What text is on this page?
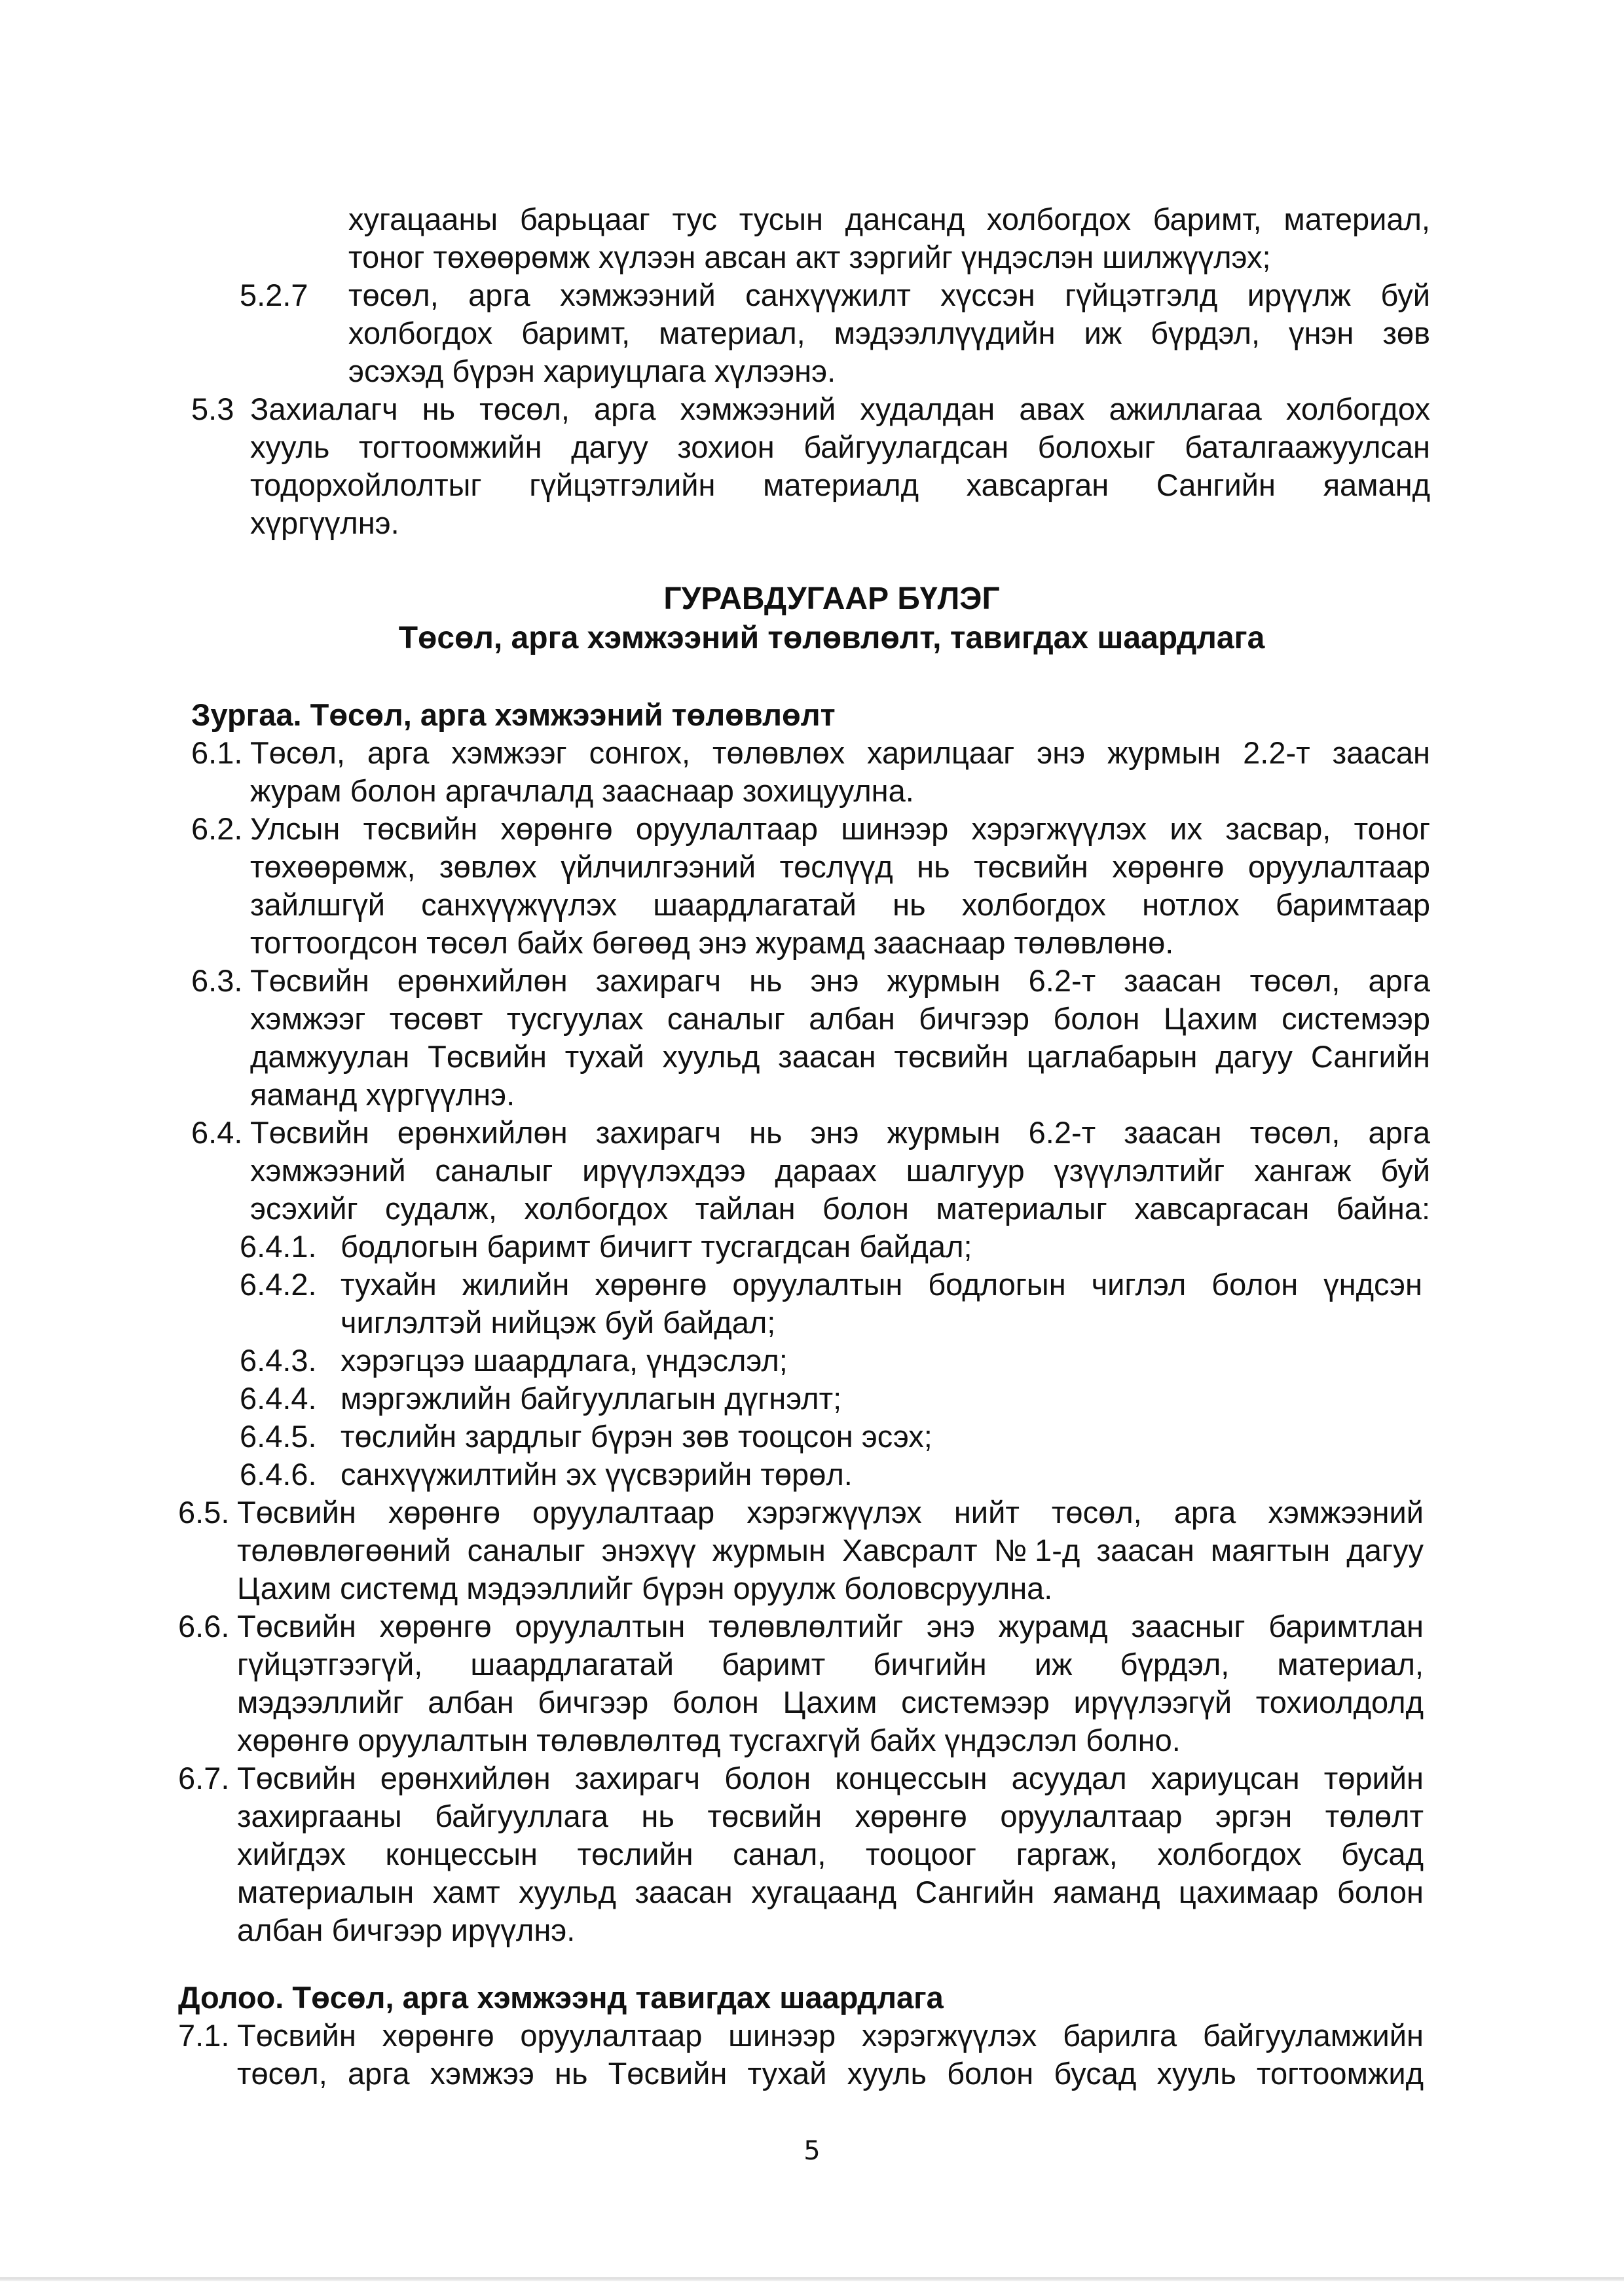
хугацааны барьцааг тус тусын дансанд холбогдох баримт, материал,
тоног төхөөрөмж хүлээн авсан акт зэргийг үндэслэн шилжүүлэх;
5.2.7 төсөл, арга хэмжээний санхүүжилт хүссэн гүйцэтгэлд ирүүлж буй
холбогдох баримт, материал, мэдээллүүдийн иж бүрдэл, үнэн зөв
эсэхэд бүрэн хариуцлага хүлээнэ.
5.3 Захиалагч нь төсөл, арга хэмжээний худалдан авах ажиллагаа холбогдох
хууль тогтоомжийн дагуу зохион байгуулагдсан болохыг баталгаажуулсан
тодорхойлолтыг гүйцэтгэлийн материалд хавсарган Сангийн яаманд
хүргүүлнэ.
ГУРАВДУГААР БҮЛЭГ
Төсөл, арга хэмжээний төлөвлөлт, тавигдах шаардлага
Зургаа. Төсөл, арга хэмжээний төлөвлөлт
6.1. Төсөл, арга хэмжээг сонгох, төлөвлөх харилцааг энэ журмын 2.2-т заасан
журам болон аргачлалд зааснаар зохицуулна.
6.2. Улсын төсвийн хөрөнгө оруулалтаар шинээр хэрэгжүүлэх их засвар, тоног
төхөөрөмж, зөвлөх үйлчилгээний төслүүд нь төсвийн хөрөнгө оруулалтаар
зайлшгүй санхүүжүүлэх шаардлагатай нь холбогдох нотлох баримтаар
тогтоогдсон төсөл байх бөгөөд энэ журамд зааснаар төлөвлөнө.
6.3. Төсвийн ерөнхийлөн захирагч нь энэ журмын 6.2-т заасан төсөл, арга
хэмжээг төсөвт тусгуулах саналыг албан бичгээр болон Цахим системээр
дамжуулан Төсвийн тухай хуульд заасан төсвийн цаглабарын дагуу Сангийн
яаманд хүргүүлнэ.
6.4. Төсвийн ерөнхийлөн захирагч нь энэ журмын 6.2-т заасан төсөл, арга
хэмжээний саналыг ирүүлэхдээ дараах шалгуур үзүүлэлтийг хангаж буй
эсэхийг судалж, холбогдох тайлан болон материалыг хавсаргасан байна:
6.4.1. бодлогын баримт бичигт тусгагдсан байдал;
6.4.2. тухайн жилийн хөрөнгө оруулалтын бодлогын чиглэл болон үндсэн
чиглэлтэй нийцэж буй байдал;
6.4.3. хэрэгцээ шаардлага, үндэслэл;
6.4.4. мэргэжлийн байгууллагын дүгнэлт;
6.4.5. төслийн зардлыг бүрэн зөв тооцсон эсэх;
6.4.6. санхүүжилтийн эх үүсвэрийн төрөл.
6.5. Төсвийн хөрөнгө оруулалтаар хэрэгжүүлэх нийт төсөл, арга хэмжээний
төлөвлөгөөний саналыг энэхүү журмын Хавсралт №1-д заасан маягтын дагуу
Цахим системд мэдээллийг бүрэн оруулж боловсруулна.
6.6. Төсвийн хөрөнгө оруулалтын төлөвлөлтийг энэ журамд заасныг баримтлан
гүйцэтгээгүй, шаардлагатай баримт бичгийн иж бүрдэл, материал,
мэдээллийг албан бичгээр болон Цахим системээр ирүүлээгүй тохиолдолд
хөрөнгө оруулалтын төлөвлөлтөд тусгахгүй байх үндэслэл болно.
6.7. Төсвийн ерөнхийлөн захирагч болон концессын асуудал хариуцсан төрийн
захиргааны байгууллага нь төсвийн хөрөнгө оруулалтаар эргэн төлөлт
хийгдэх концессын төслийн санал, тооцоог гаргаж, холбогдох бусад
материалын хамт хуульд заасан хугацаанд Сангийн яаманд цахимаар болон
албан бичгээр ирүүлнэ.
Долоо. Төсөл, арга хэмжээнд тавигдах шаардлага
7.1. Төсвийн хөрөнгө оруулалтаар шинээр хэрэгжүүлэх барилга байгууламжийн
төсөл, арга хэмжээ нь Төсвийн тухай хууль болон бусад хууль тогтоомжид
5
